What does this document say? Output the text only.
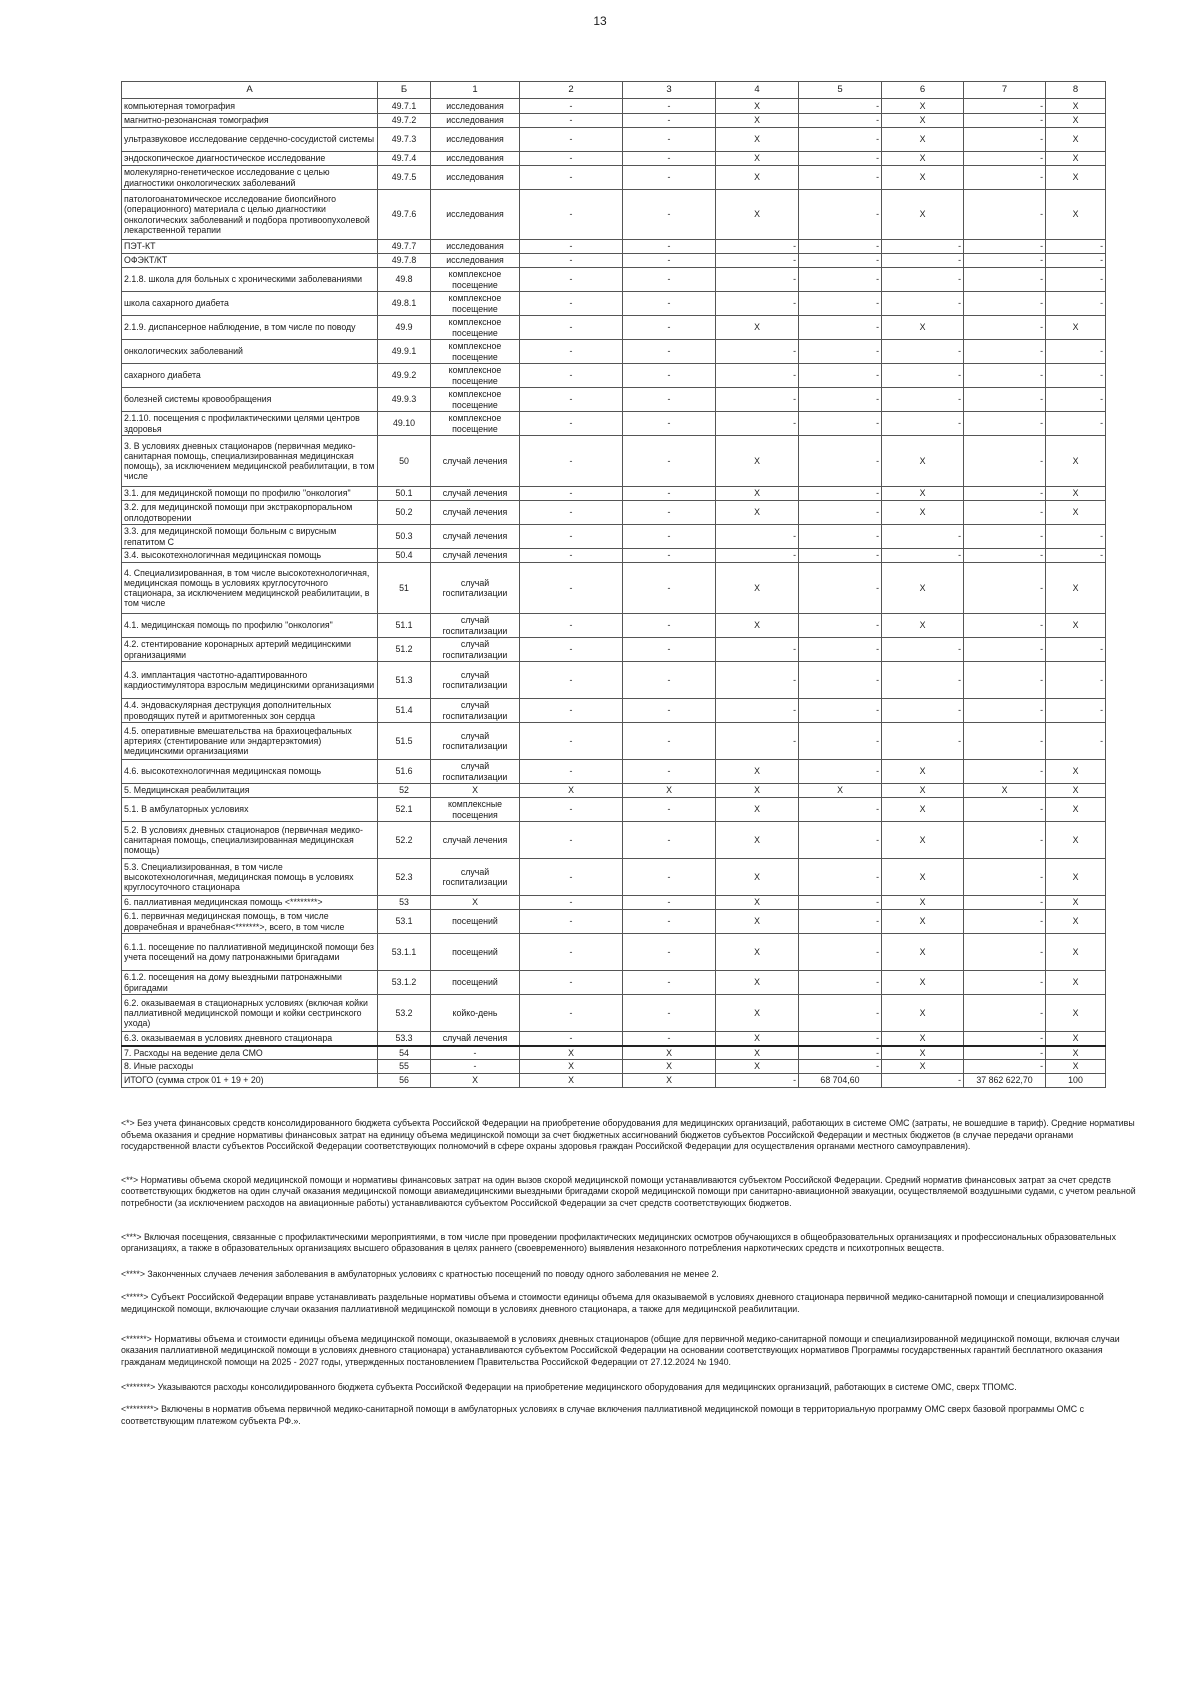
13
А	Б	1	2	3	4	5	6	7	8
компьютерная томография	49.7.1	исследования	-	-	X	-	X	-	X
магнитно-резонансная томография	49.7.2	исследования	-	-	X	-	X	-	X
ультразвуковое исследование сердечно-сосудистой системы	49.7.3	исследования	-	-	X	-	X	-	X
эндоскопическое диагностическое исследование	49.7.4	исследования	-	-	X	-	X	-	X
молекулярно-генетическое исследование с целью диагностики онкологических заболеваний	49.7.5	исследования	-	-	X	-	X	-	X
патологоанатомическое исследование биопсийного (операционного) материала с целью диагностики онкологических заболеваний и подбора противоопухолевой лекарственной терапии	49.7.6	исследования	-	-	X	-	X	-	X
ПЭТ-КТ	49.7.7	исследования	-	-	-	-	-	-	-
ОФЭКТ/КТ	49.7.8	исследования	-	-	-	-	-	-	-
2.1.8. школа для больных с хроническими заболеваниями	49.8	комплексное посещение	-	-	-	-	-	-	-
школа сахарного диабета	49.8.1	комплексное посещение	-	-	-	-	-	-	-
2.1.9. диспансерное наблюдение, в том числе по поводу	49.9	комплексное посещение	-	-	X	-	X	-	X
онкологических заболеваний	49.9.1	комплексное посещение	-	-	-	-	-	-	-
сахарного диабета	49.9.2	комплексное посещение	-	-	-	-	-	-	-
болезней системы кровообращения	49.9.3	комплексное посещение	-	-	-	-	-	-	-
2.1.10. посещения с профилактическими целями центров здоровья	49.10	комплексное посещение	-	-	-	-	-	-	-
3. В условиях дневных стационаров (первичная медико-санитарная помощь, специализированная медицинская помощь), за исключением медицинской реабилитации, в том числе	50	случай лечения	-	-	X	-	X	-	X
3.1. для медицинской помощи по профилю "онкология"	50.1	случай лечения	-	-	X	-	X	-	X
3.2. для медицинской помощи при экстракорпоральном оплодотворении	50.2	случай лечения	-	-	X	-	X	-	X
3.3. для медицинской помощи больным с вирусным гепатитом С	50.3	случай лечения	-	-	-	-	-	-	-
3.4. высокотехнологичная медицинская помощь	50.4	случай лечения	-	-	-	-	-	-	-
4. Специализированная, в том числе высокотехнологичная, медицинская помощь в условиях круглосуточного стационара, за исключением медицинской реабилитации, в том числе	51	случай госпитализации	-	-	X	-	X	-	X
4.1. медицинская помощь по профилю "онкология"	51.1	случай госпитализации	-	-	X	-	X	-	X
4.2. стентирование коронарных артерий медицинскими организациями	51.2	случай госпитализации	-	-	-	-	-	-	-
4.3. имплантация частотно-адаптированного кардиостимулятора взрослым медицинскими организациями	51.3	случай госпитализации	-	-	-	-	-	-	-
4.4. эндоваскулярная деструкция дополнительных проводящих путей и аритмогенных зон сердца	51.4	случай госпитализации	-	-	-	-	-	-	-
4.5. оперативные вмешательства на брахиоцефальных артериях (стентирование или эндартерэктомия) медицинскими организациями	51.5	случай госпитализации	-	-	-	-	-	-	-
4.6. высокотехнологичная медицинская помощь	51.6	случай госпитализации	-	-	X	-	X	-	X
5. Медицинская реабилитация	52	X	X	X	X	X	X	X	X
5.1. В амбулаторных условиях	52.1	комплексные посещения	-	-	X	-	X	-	X
5.2. В условиях дневных стационаров (первичная медико-санитарная помощь, специализированная медицинская помощь)	52.2	случай лечения	-	-	X	-	X	-	X
5.3. Специализированная, в том числе высокотехнологичная, медицинская помощь в условиях круглосуточного стационара	52.3	случай госпитализации	-	-	X	-	X	-	X
6. паллиативная медицинская помощь <********>	53	X	-	-	X	-	X	-	X
6.1. первичная медицинская помощь, в том числе доврачебная и врачебная<*******>, всего, в том числе	53.1	посещений	-	-	X	-	X	-	X
6.1.1. посещение по паллиативной медицинской помощи без учета посещений на дому патронажными бригадами	53.1.1	посещений	-	-	X	-	X	-	X
6.1.2. посещения на дому выездными патронажными бригадами	53.1.2	посещений	-	-	X	-	X	-	X
6.2. оказываемая в стационарных условиях (включая койки паллиативной медицинской помощи и койки сестринского ухода)	53.2	койко-день	-	-	X	-	X	-	X
6.3. оказываемая в условиях дневного стационара	53.3	случай лечения	-	-	X	-	X	-	X
7. Расходы на ведение дела СМО	54	-	X	X	X	-	X	-	X
8. Иные расходы	55	-	X	X	X	-	X	-	X
ИТОГО (сумма строк 01 + 19 + 20)	56	X	X	X	-	68 704,60	-	37 862 622,70	100

<*> Без учета финансовых средств консолидированного бюджета субъекта Российской Федерации на приобретение оборудования для медицинских организаций, работающих в системе ОМС (затраты, не вошедшие в тариф). Средние нормативы объема оказания и средние нормативы финансовых затрат на единицу объема медицинской помощи за счет бюджетных ассигнований бюджетов субъектов Российской Федерации и местных бюджетов (в случае передачи органами государственной власти субъектов Российской Федерации соответствующих полномочий в сфере охраны здоровья граждан Российской Федерации для осуществления органами местного самоуправления).

<**> Нормативы объема скорой медицинской помощи и нормативы финансовых затрат на один вызов скорой медицинской помощи устанавливаются субъектом Российской Федерации. Средний норматив финансовых затрат за счет средств соответствующих бюджетов на один случай оказания медицинской помощи авиамедицинскими выездными бригадами скорой медицинской помощи при санитарно-авиационной эвакуации, осуществляемой воздушными судами, с учетом реальной потребности (за исключением расходов на авиационные работы) устанавливаются субъектом Российской Федерации за счет средств соответствующих бюджетов.

<***> Включая посещения, связанные с профилактическими мероприятиями, в том числе при проведении профилактических медицинских осмотров обучающихся в общеобразовательных организациях и профессиональных образовательных организациях, а также в образовательных организациях высшего образования в целях раннего (своевременного) выявления незаконного потребления наркотических средств и психотропных веществ.

<****> Законченных случаев лечения заболевания в амбулаторных условиях с кратностью посещений по поводу одного заболевания не менее 2.

<*****> Субъект Российской Федерации вправе устанавливать раздельные нормативы объема и стоимости единицы объема для оказываемой в условиях дневного стационара первичной медико-санитарной помощи и специализированной медицинской помощи, включающие случаи оказания паллиативной медицинской помощи в условиях дневного стационара, а также для медицинской реабилитации.

<******> Нормативы объема и стоимости единицы объема медицинской помощи, оказываемой в условиях дневных стационаров (общие для первичной медико-санитарной помощи и специализированной медицинской помощи, включая случаи оказания паллиативной медицинской помощи в условиях дневного стационара) устанавливаются субъектом Российской Федерации на основании соответствующих нормативов Программы государственных гарантий бесплатного оказания гражданам медицинской помощи на 2025 - 2027 годы, утвержденных постановлением Правительства Российской Федерации от 27.12.2024 № 1940.

<*******> Указываются расходы консолидированного бюджета субъекта Российской Федерации на приобретение медицинского оборудования для медицинских организаций, работающих в системе ОМС, сверх ТПОМС.

<********> Включены в норматив объема первичной медико-санитарной помощи в амбулаторных условиях в случае включения паллиативной медицинской помощи в территориальную программу ОМС сверх базовой программы ОМС с соответствующим платежом субъекта РФ.».
